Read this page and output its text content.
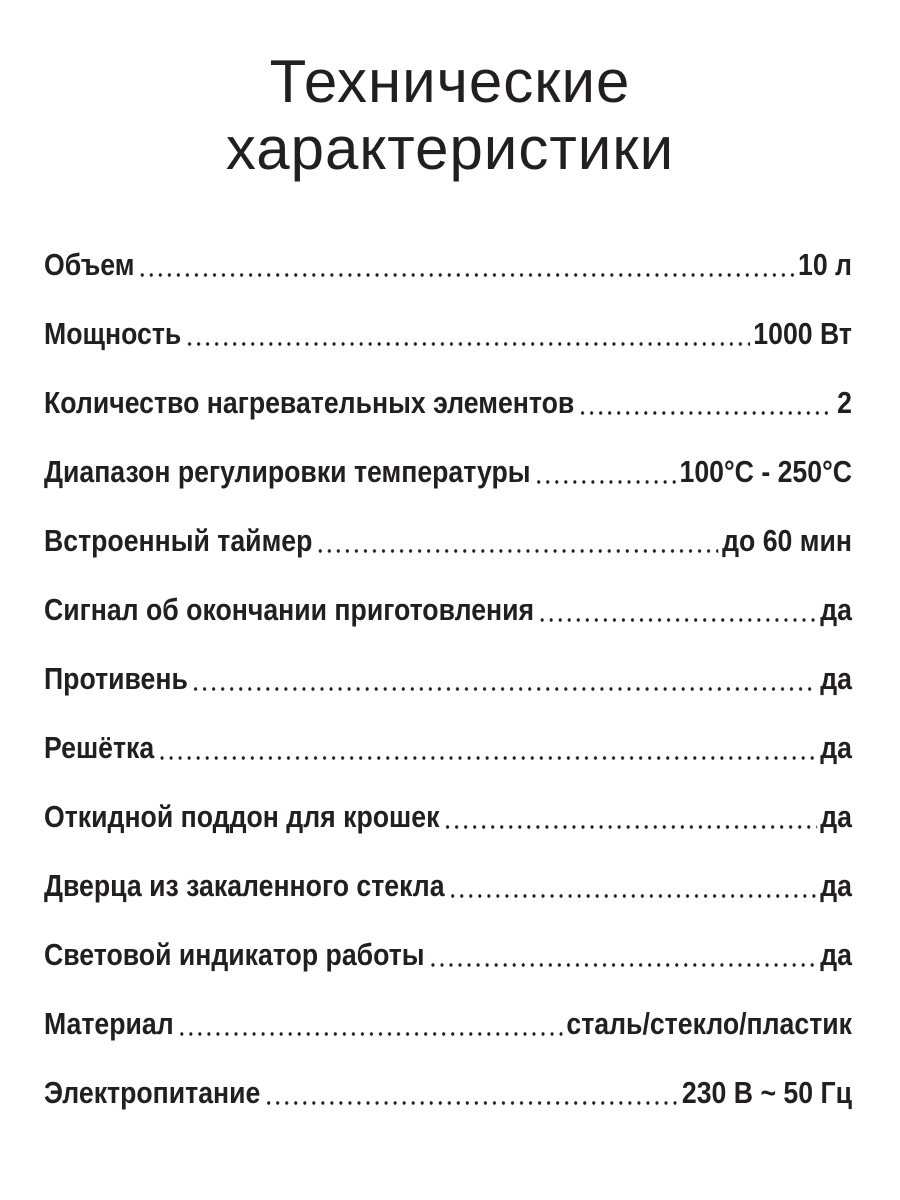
Технические
характеристики
Объем	10 л
Мощность	1000 Вт
Количество нагревательных элементов	2
Диапазон регулировки температуры	100°С - 250°С
Встроенный таймер	до 60 мин
Сигнал об окончании приготовления	да
Противень	да
Решётка	да
Откидной поддон для крошек	да
Дверца из закаленного стекла	да
Световой индикатор работы	да
Материал	сталь/стекло/пластик
Электропитание	230 В ~ 50 Гц
